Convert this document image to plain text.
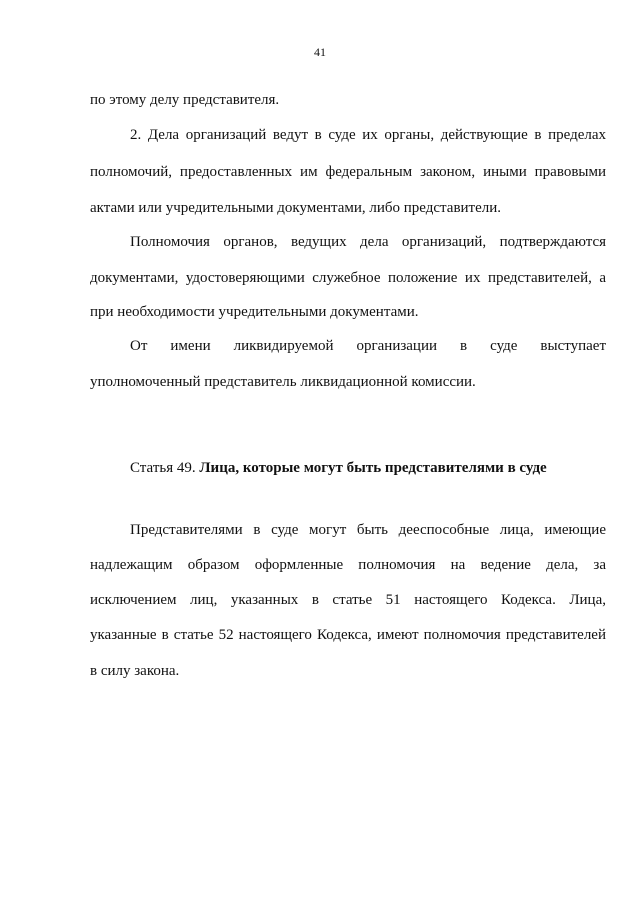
41
по этому делу представителя.
2. Дела организаций ведут в суде их органы, действующие в пределах
полномочий, предоставленных им федеральным законом, иными правовыми
актами или учредительными документами, либо представители.
Полномочия органов, ведущих дела организаций, подтверждаются
документами, удостоверяющими служебное положение их представителей, а
при необходимости учредительными документами.
От имени ликвидируемой организации в суде выступает
уполномоченный представитель ликвидационной комиссии.
Статья 49. Лица, которые могут быть представителями в суде
Представителями в суде могут быть дееспособные лица, имеющие
надлежащим образом оформленные полномочия на ведение дела, за
исключением лиц, указанных в статье 51 настоящего Кодекса. Лица,
указанные в статье 52 настоящего Кодекса, имеют полномочия представителей
в силу закона.
